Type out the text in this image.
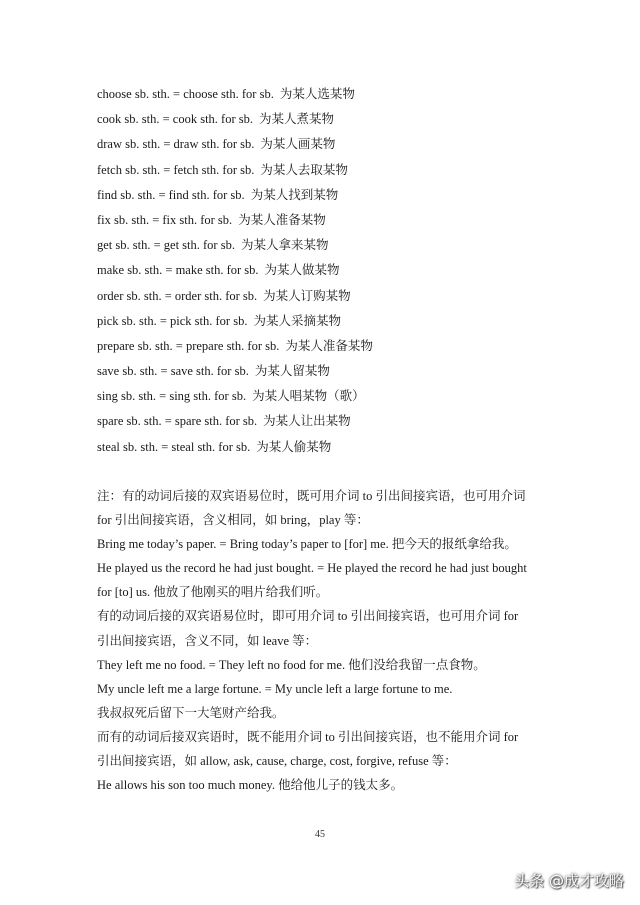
choose sb. sth. = choose sth. for sb. 为某人选某物
cook sb. sth. = cook sth. for sb. 为某人煮某物
draw sb. sth. = draw sth. for sb. 为某人画某物
fetch sb. sth. = fetch sth. for sb. 为某人去取某物
find sb. sth. = find sth. for sb. 为某人找到某物
fix sb. sth. = fix sth. for sb. 为某人准备某物
get sb. sth. = get sth. for sb. 为某人拿来某物
make sb. sth. = make sth. for sb. 为某人做某物
order sb. sth. = order sth. for sb. 为某人订购某物
pick sb. sth. = pick sth. for sb. 为某人采摘某物
prepare sb. sth. = prepare sth. for sb. 为某人准备某物
save sb. sth. = save sth. for sb. 为某人留某物
sing sb. sth. = sing sth. for sb. 为某人唱某物（歌）
spare sb. sth. = spare sth. for sb. 为某人让出某物
steal sb. sth. = steal sth. for sb. 为某人偷某物
注：有的动词后接的双宾语易位时，既可用介词 to 引出间接宾语，也可用介词
for 引出间接宾语，含义相同，如 bring，play 等：
Bring me today’s paper. = Bring today’s paper to [for] me. 把今天的报纸拿给我。
He played us the record he had just bought. = He played the record he had just bought
for [to] us. 他放了他刚买的唱片给我们听。
有的动词后接的双宾语易位时，即可用介词 to 引出间接宾语，也可用介词 for
引出间接宾语，含义不同，如 leave 等：
They left me no food. = They left no food for me. 他们没给我留一点食物。
My uncle left me a large fortune. = My uncle left a large fortune to me.
我叔叔死后留下一大笔财产给我。
而有的动词后接双宾语时，既不能用介词 to 引出间接宾语，也不能用介词 for
引出间接宾语，如 allow, ask, cause, charge, cost, forgive, refuse 等：
He allows his son too much money. 他给他儿子的钱太多。
45
头条 @成才攻略
